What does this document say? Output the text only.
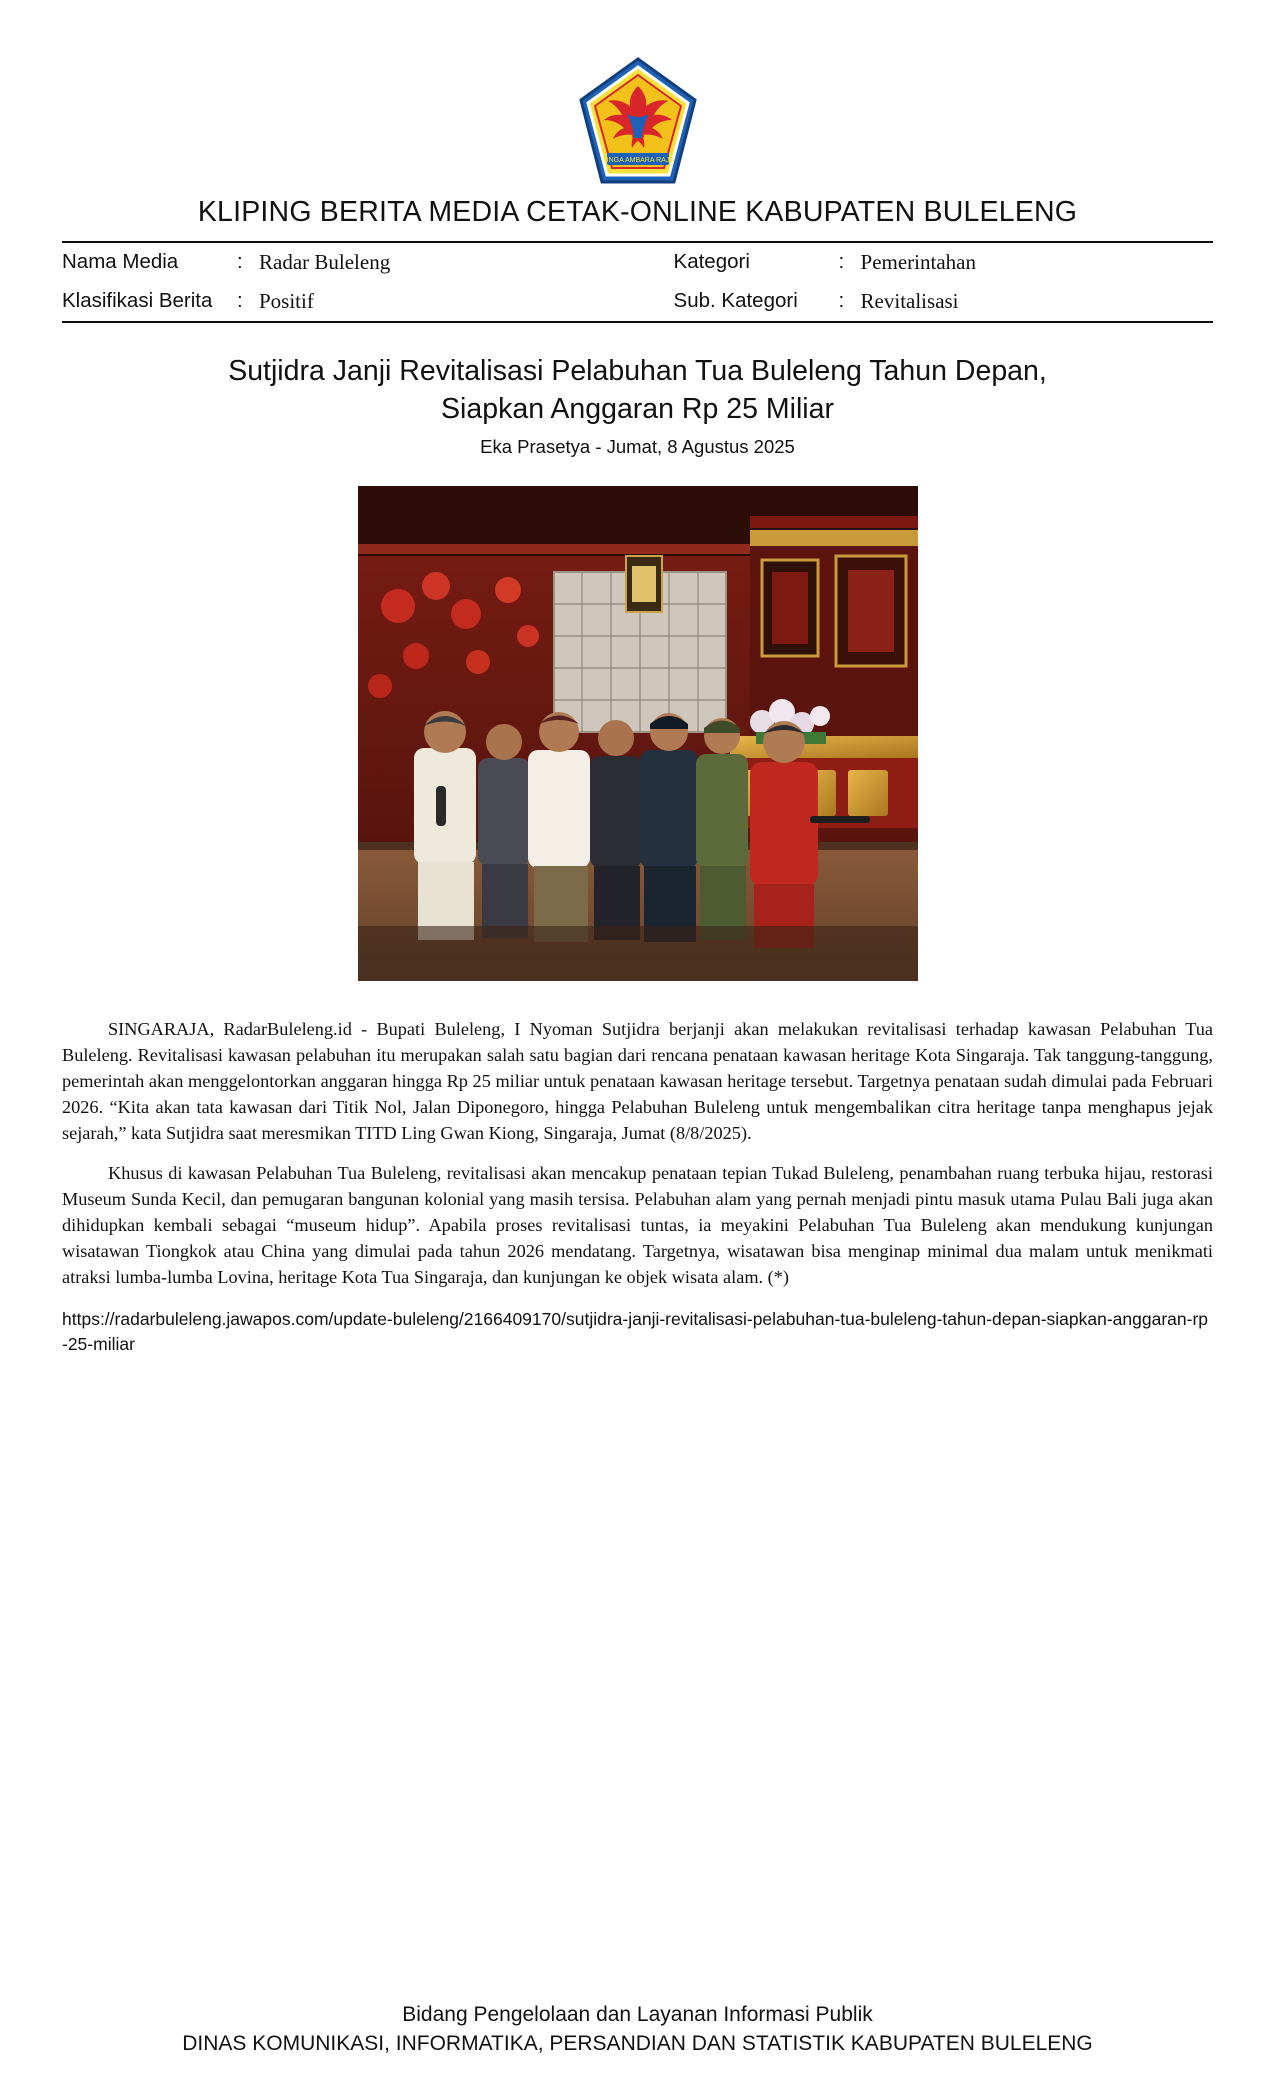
SINGA AMBARA RAJA
KLIPING BERITA MEDIA CETAK-ONLINE KABUPATEN BULELENG
Nama Media	:	Radar Buleleng	Kategori	:	Pemerintahan
Klasifikasi Berita	:	Positif	Sub. Kategori	:	Revitalisasi
Sutjidra Janji Revitalisasi Pelabuhan Tua Buleleng Tahun Depan,
Siapkan Anggaran Rp 25 Miliar
Eka Prasetya - Jumat, 8 Agustus 2025

SINGARAJA, RadarBuleleng.id - Bupati Buleleng, I Nyoman Sutjidra berjanji akan melakukan revitalisasi terhadap kawasan Pelabuhan Tua Buleleng. Revitalisasi kawasan pelabuhan itu merupakan salah satu bagian dari rencana penataan kawasan heritage Kota Singaraja. Tak tanggung-tanggung, pemerintah akan menggelontorkan anggaran hingga Rp 25 miliar untuk penataan kawasan heritage tersebut. Targetnya penataan sudah dimulai pada Februari 2026. “Kita akan tata kawasan dari Titik Nol, Jalan Diponegoro, hingga Pelabuhan Buleleng untuk mengembalikan citra heritage tanpa menghapus jejak sejarah,” kata Sutjidra saat meresmikan TITD Ling Gwan Kiong, Singaraja, Jumat (8/8/2025).

Khusus di kawasan Pelabuhan Tua Buleleng, revitalisasi akan mencakup penataan tepian Tukad Buleleng, penambahan ruang terbuka hijau, restorasi Museum Sunda Kecil, dan pemugaran bangunan kolonial yang masih tersisa. Pelabuhan alam yang pernah menjadi pintu masuk utama Pulau Bali juga akan dihidupkan kembali sebagai “museum hidup”. Apabila proses revitalisasi tuntas, ia meyakini Pelabuhan Tua Buleleng akan mendukung kunjungan wisatawan Tiongkok atau China yang dimulai pada tahun 2026 mendatang. Targetnya, wisatawan bisa menginap minimal dua malam untuk menikmati atraksi lumba-lumba Lovina, heritage Kota Tua Singaraja, dan kunjungan ke objek wisata alam. (*)

https://radarbuleleng.jawapos.com/update-buleleng/2166409170/sutjidra-janji-revitalisasi-pelabuhan-tua-buleleng-tahun-depan-siapkan-anggaran-rp-25-miliar
Bidang Pengelolaan dan Layanan Informasi Publik
DINAS KOMUNIKASI, INFORMATIKA, PERSANDIAN DAN STATISTIK KABUPATEN BULELENG
